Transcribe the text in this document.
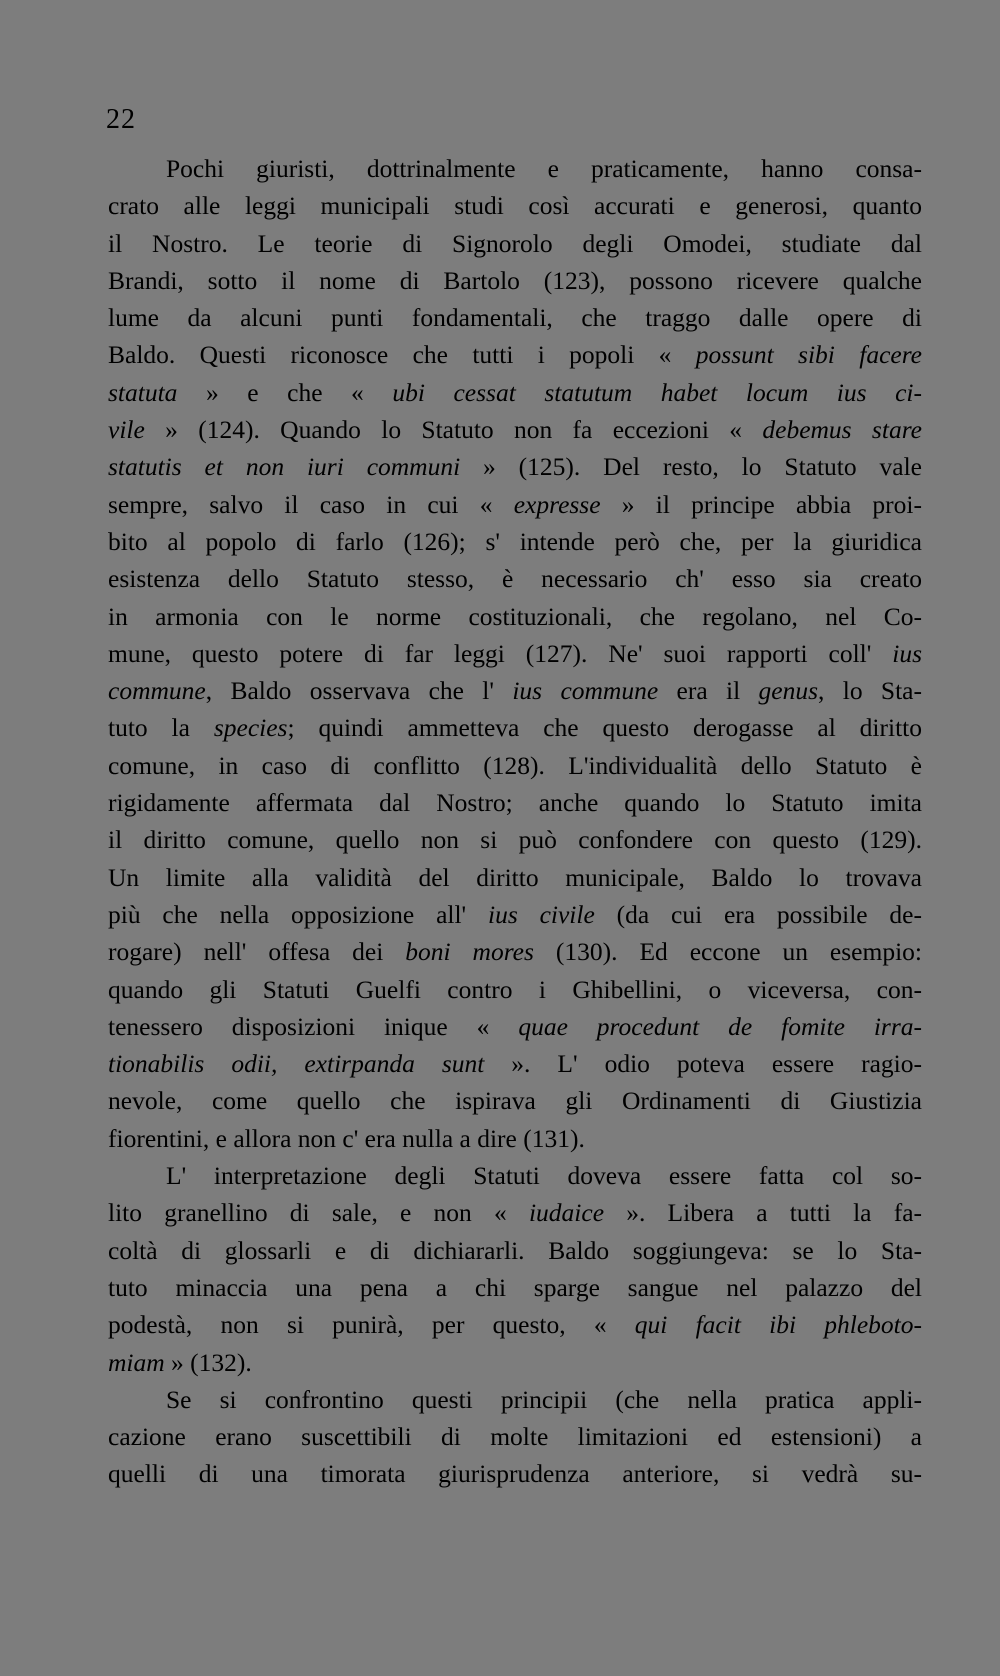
22
Pochi giuristi, dottrinalmente e praticamente, hanno consa-
crato alle leggi municipali studi così accurati e generosi, quanto
il Nostro. Le teorie di Signorolo degli Omodei, studiate dal
Brandi, sotto il nome di Bartolo (123), possono ricevere qualche
lume da alcuni punti fondamentali, che traggo dalle opere di
Baldo. Questi riconosce che tutti i popoli « possunt sibi facere
statuta » e che « ubi cessat statutum habet locum ius ci-
vile » (124). Quando lo Statuto non fa eccezioni « debemus stare
statutis et non iuri communi » (125). Del resto, lo Statuto vale
sempre, salvo il caso in cui « expresse » il principe abbia proi-
bito al popolo di farlo (126); s' intende però che, per la giuridica
esistenza dello Statuto stesso, è necessario ch' esso sia creato
in armonia con le norme costituzionali, che regolano, nel Co-
mune, questo potere di far leggi (127). Ne' suoi rapporti coll' ius
commune, Baldo osservava che l' ius commune era il genus, lo Sta-
tuto la species; quindi ammetteva che questo derogasse al diritto
comune, in caso di conflitto (128). L'individualità dello Statuto è
rigidamente affermata dal Nostro; anche quando lo Statuto imita
il diritto comune, quello non si può confondere con questo (129).
Un limite alla validità del diritto municipale, Baldo lo trovava
più che nella opposizione all' ius civile (da cui era possibile de-
rogare) nell' offesa dei boni mores (130). Ed eccone un esempio:
quando gli Statuti Guelfi contro i Ghibellini, o viceversa, con-
tenessero disposizioni inique « quae procedunt de fomite irra-
tionabilis odii, extirpanda sunt ». L' odio poteva essere ragio-
nevole, come quello che ispirava gli Ordinamenti di Giustizia
fiorentini, e allora non c' era nulla a dire (131).
L' interpretazione degli Statuti doveva essere fatta col so-
lito granellino di sale, e non « iudaice ». Libera a tutti la fa-
coltà di glossarli e di dichiararli. Baldo soggiungeva: se lo Sta-
tuto minaccia una pena a chi sparge sangue nel palazzo del
podestà, non si punirà, per questo, « qui facit ibi phleboto-
miam » (132).
Se si confrontino questi principii (che nella pratica appli-
cazione erano suscettibili di molte limitazioni ed estensioni) a
quelli di una timorata giurisprudenza anteriore, si vedrà su-
